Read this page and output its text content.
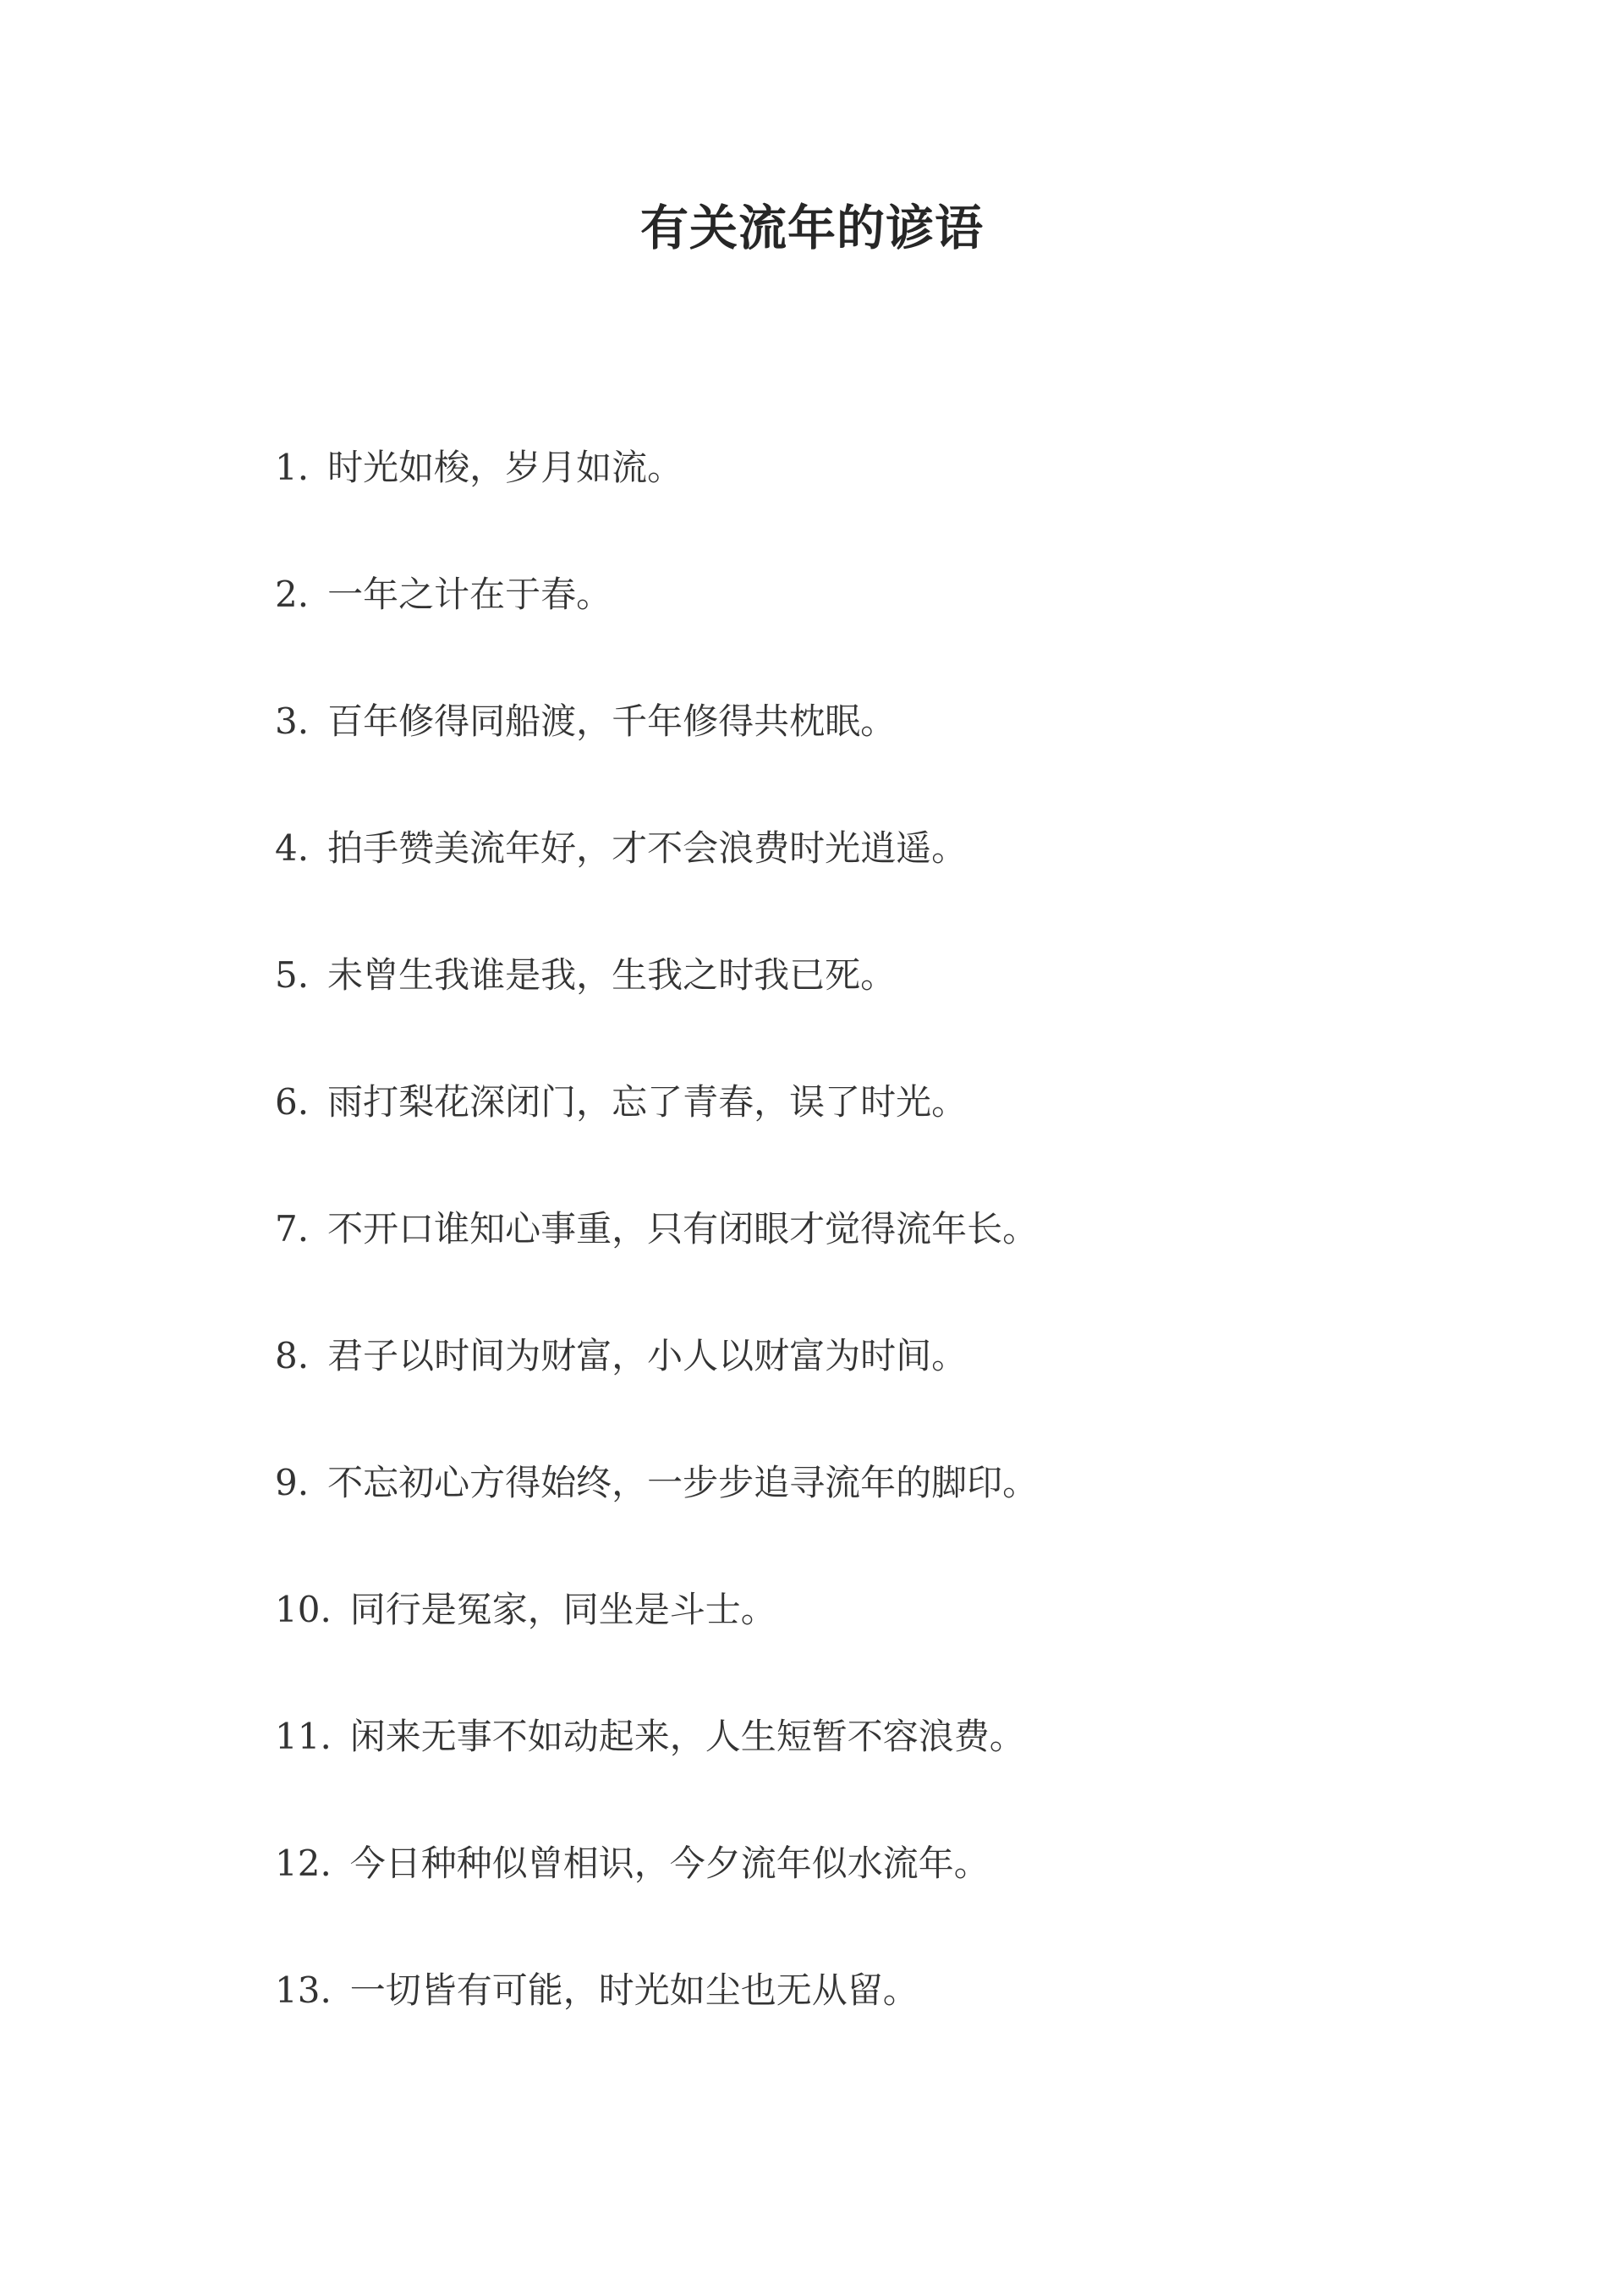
有关流年的谚语
1. 时光如梭，岁月如流。
2. 一年之计在于春。
3. 百年修得同船渡，千年修得共枕眠。
4. 拍手赞美流年好，才不会浪费时光逍遥。
5. 未曾生我谁是我，生我之时我已死。
6. 雨打梨花深闭门，忘了青春，误了时光。
7. 不开口谁知心事重，只有闭眼才觉得流年长。
8. 君子以时间为财富，小人以财富为时间。
9. 不忘初心方得始终，一步步追寻流年的脚印。
10. 同行是冤家，同坐是斗士。
11. 闲来无事不如动起来，人生短暂不容浪费。
12. 今日种种似曾相识，今夕流年似水流年。
13. 一切皆有可能，时光如尘也无从留。
